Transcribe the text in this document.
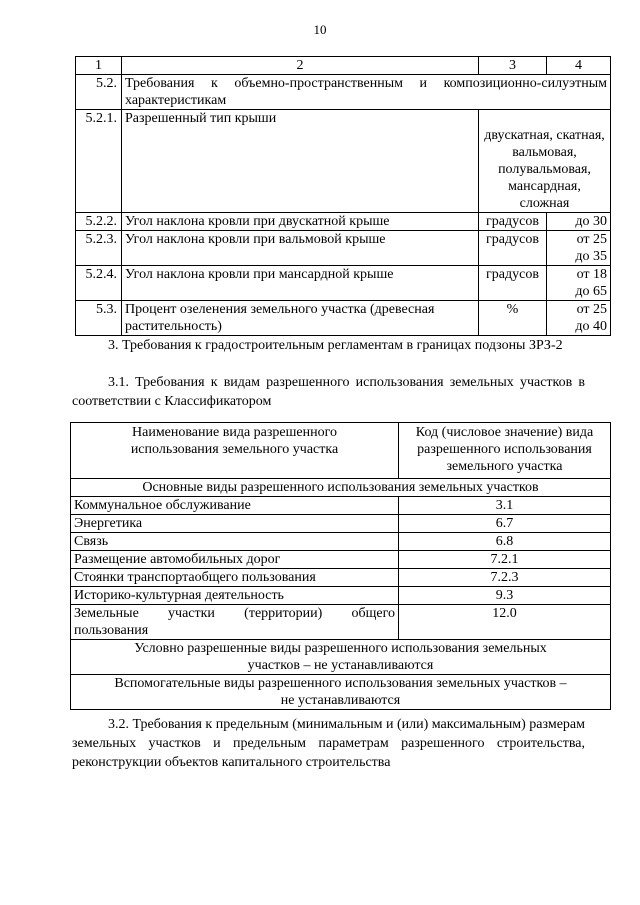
10
1	2	3	4
5.2.	Требования к объемно-пространственным и композиционно-силуэтным характеристикам		
5.2.1.	Разрешенный тип крыши	двускатная, скатная, вальмовая, полувальмовая, мансардная, сложная	
5.2.2.	Угол наклона кровли при двускатной крыше	градусов	до 30
5.2.3.	Угол наклона кровли при вальмовой крыше	градусов	от 25 до 35
5.2.4.	Угол наклона кровли при мансардной крыше	градусов	от 18 до 65
5.3.	Процент озеленения земельного участка (древесная растительность)	%	от 25 до 40

3. Требования к градостроительным регламентам в границах подзоны ЗРЗ-2

3.1. Требования к видам разрешенного использования земельных участков в соответствии с Классификатором

Наименование вида разрешенного использования земельного участка	Код (числовое значение) вида разрешенного использования земельного участка
Основные виды разрешенного использования земельных участков	
Коммунальное обслуживание	3.1
Энергетика	6.7
Связь	6.8
Размещение автомобильных дорог	7.2.1
Стоянки транспортаобщего пользования	7.2.3
Историко-культурная деятельность	9.3
Земельные участки (территории) общего пользования	12.0
Условно разрешенные виды разрешенного использования земельных участков – не устанавливаются	
Вспомогательные виды разрешенного использования земельных участков – не устанавливаются	

3.2. Требования к предельным (минимальным и (или) максимальным) размерам земельных участков и предельным параметрам разрешенного строительства, реконструкции объектов капитального строительства
